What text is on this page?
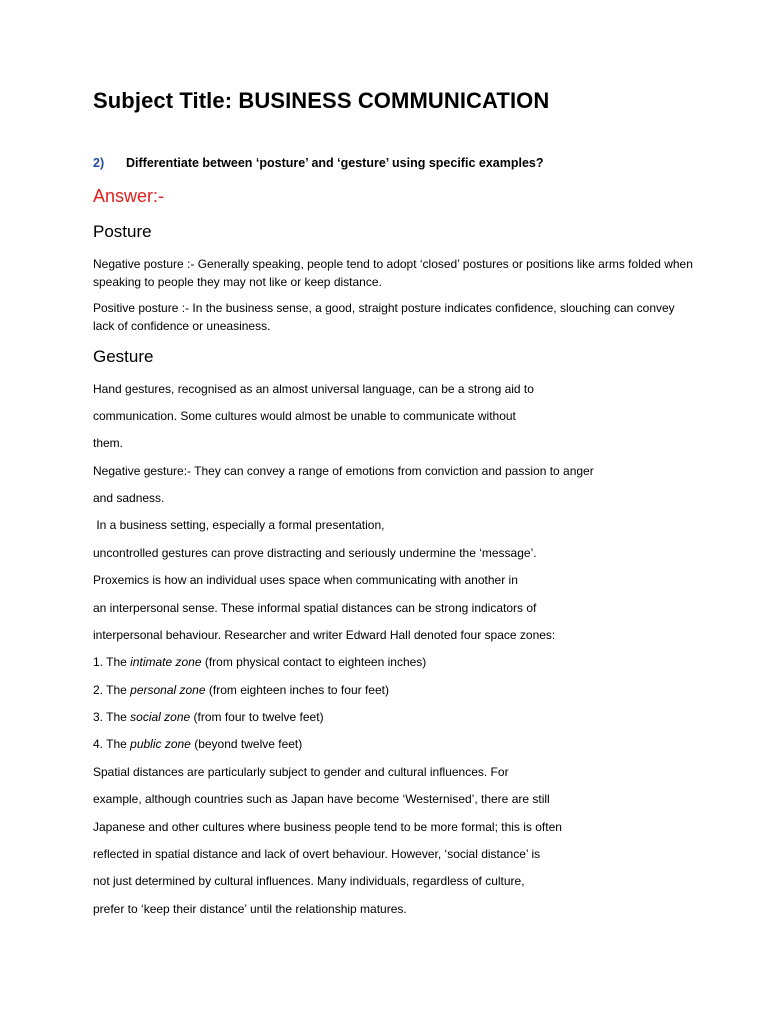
Subject Title: BUSINESS COMMUNICATION
2) Differentiate between ‘posture’ and ‘gesture’ using specific examples?
Answer:-
Posture
Negative posture :- Generally speaking, people tend to adopt ‘closed’ postures or positions like arms folded when speaking to people they may not like or keep distance.
Positive posture :- In the business sense, a good, straight posture indicates confidence, slouching can convey lack of confidence or uneasiness.
Gesture
Hand gestures, recognised as an almost universal language, can be a strong aid to
communication. Some cultures would almost be unable to communicate without
them.
Negative gesture:- They can convey a range of emotions from conviction and passion to anger
and sadness.
In a business setting, especially a formal presentation,
uncontrolled gestures can prove distracting and seriously undermine the ‘message’.
Proxemics is how an individual uses space when communicating with another in
an interpersonal sense. These informal spatial distances can be strong indicators of
interpersonal behaviour. Researcher and writer Edward Hall denoted four space zones:
1. The intimate zone (from physical contact to eighteen inches)
2. The personal zone (from eighteen inches to four feet)
3. The social zone (from four to twelve feet)
4. The public zone (beyond twelve feet)
Spatial distances are particularly subject to gender and cultural influences. For
example, although countries such as Japan have become ‘Westernised’, there are still
Japanese and other cultures where business people tend to be more formal; this is often
reflected in spatial distance and lack of overt behaviour. However, ‘social distance’ is
not just determined by cultural influences. Many individuals, regardless of culture,
prefer to ‘keep their distance’ until the relationship matures.
